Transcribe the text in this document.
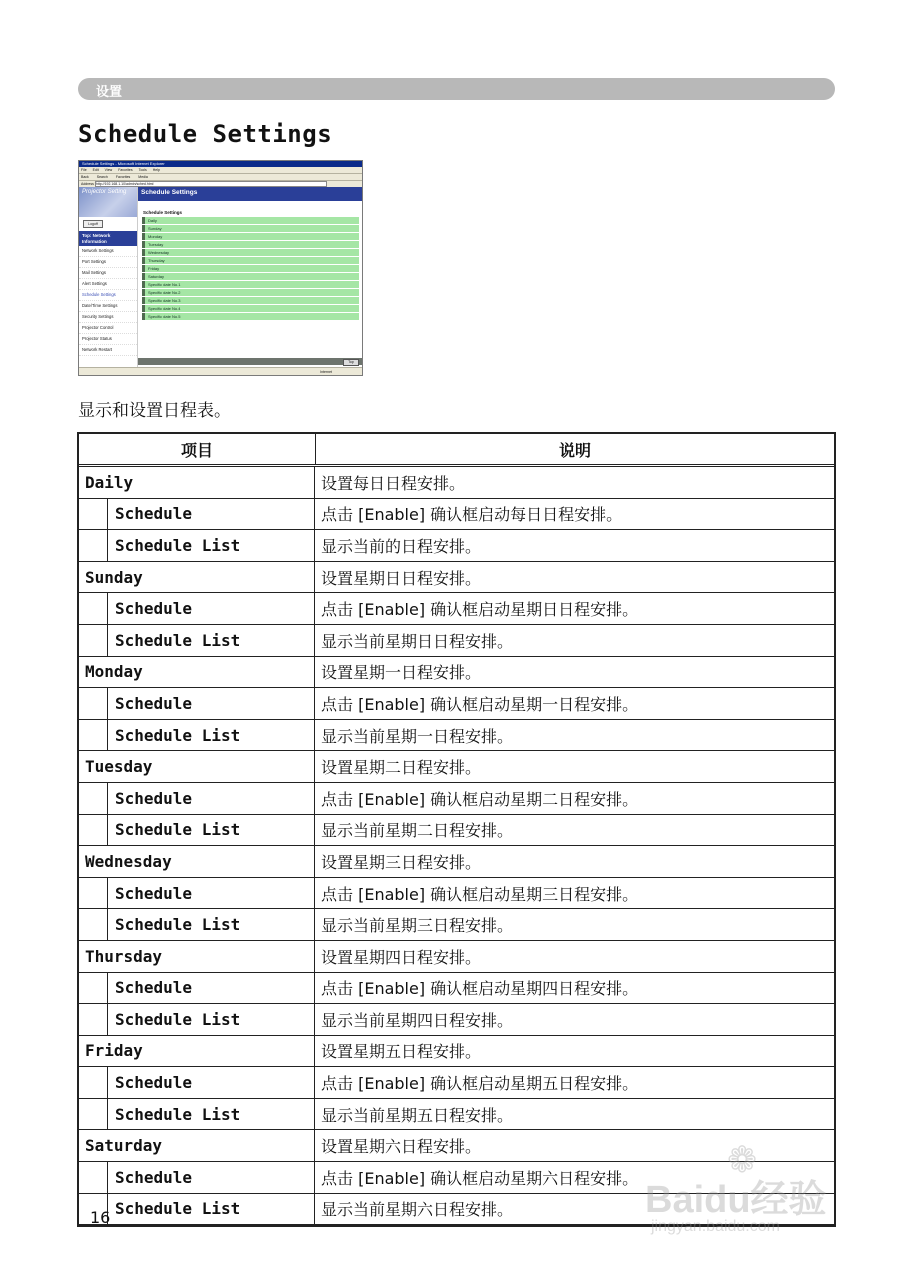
设置
Schedule Settings
Schedule Settings - Microsoft Internet Explorer
File Edit View Favorites Tools Help
Back Search Favorites Media
Address http://192.168.1.10/admin/sched.html
Projector Setting
Logoff
Top: Network Information
Network Settings
Port Settings
Mail Settings
Alert Settings
Schedule Settings
Date/Time Settings
Security Settings
Projector Control
Projector Status
Network Restart
Schedule Settings
Schedule Settings
Daily
Sunday
Monday
Tuesday
Wednesday
Thursday
Friday
Saturday
Specific date No.1
Specific date No.2
Specific date No.3
Specific date No.4
Specific date No.5
Top
Internet
显示和设置日程表。
项目	说明
Daily	设置每日日程安排。
Schedule	点击 [Enable] 确认框启动每日日程安排。
Schedule List	显示当前的日程安排。
Sunday	设置星期日日程安排。
Schedule	点击 [Enable] 确认框启动星期日日程安排。
Schedule List	显示当前星期日日程安排。
Monday	设置星期一日程安排。
Schedule	点击 [Enable] 确认框启动星期一日程安排。
Schedule List	显示当前星期一日程安排。
Tuesday	设置星期二日程安排。
Schedule	点击 [Enable] 确认框启动星期二日程安排。
Schedule List	显示当前星期二日程安排。
Wednesday	设置星期三日程安排。
Schedule	点击 [Enable] 确认框启动星期三日程安排。
Schedule List	显示当前星期三日程安排。
Thursday	设置星期四日程安排。
Schedule	点击 [Enable] 确认框启动星期四日程安排。
Schedule List	显示当前星期四日程安排。
Friday	设置星期五日程安排。
Schedule	点击 [Enable] 确认框启动星期五日程安排。
Schedule List	显示当前星期五日程安排。
Saturday	设置星期六日程安排。
Schedule	点击 [Enable] 确认框启动星期六日程安排。
Schedule List	显示当前星期六日程安排。
16
❁
Baidu经验
jingyan.baidu.com
